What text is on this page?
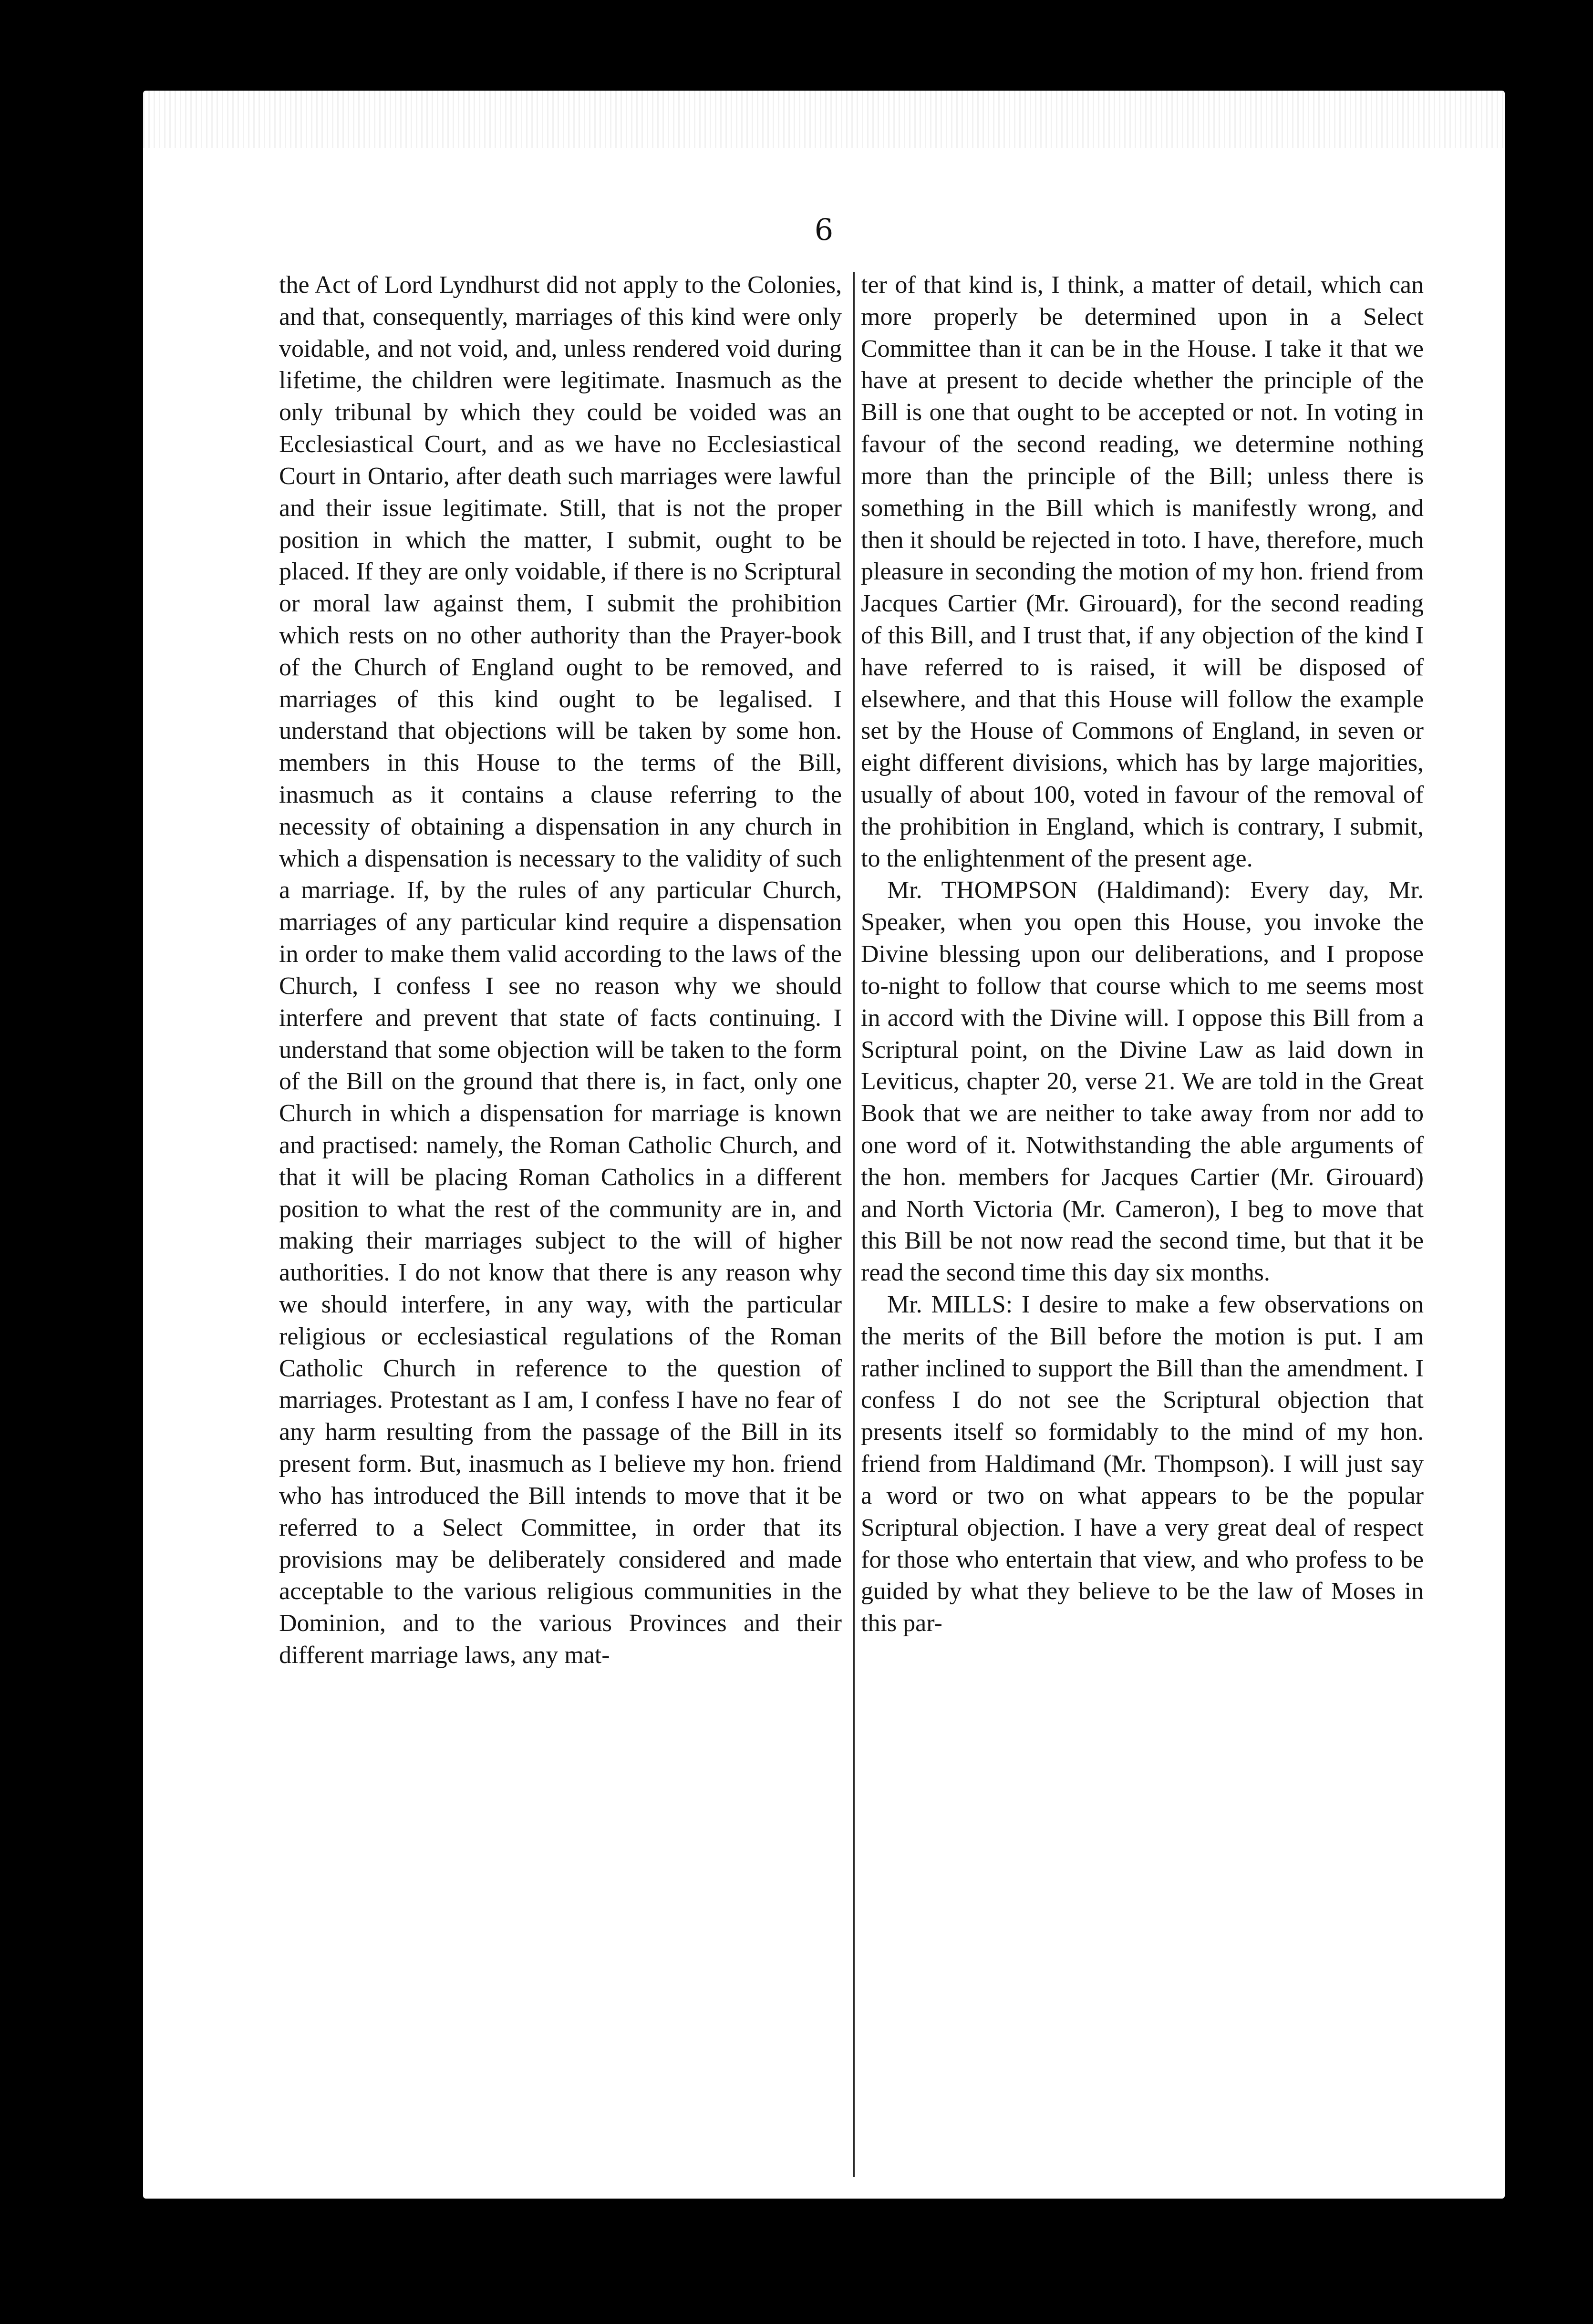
6

the Act of Lord Lyndhurst did not apply to the Colonies, and that, consequently, marriages of this kind were only voidable, and not void, and, unless rendered void during lifetime, the children were legitimate. Inasmuch as the only tribunal by which they could be voided was an Ecclesiastical Court, and as we have no Ecclesiastical Court in Ontario, after death such marriages were lawful and their issue legitimate. Still, that is not the proper position in which the matter, I submit, ought to be placed. If they are only voidable, if there is no Scriptural or moral law against them, I submit the prohibition which rests on no other authority than the Prayer-book of the Church of England ought to be removed, and marriages of this kind ought to be legalised. I understand that objections will be taken by some hon. members in this House to the terms of the Bill, inasmuch as it contains a clause referring to the necessity of obtaining a dispensation in any church in which a dispensation is necessary to the validity of such a marriage. If, by the rules of any particular Church, marriages of any particular kind require a dispensation in order to make them valid according to the laws of the Church, I confess I see no reason why we should interfere and prevent that state of facts continuing. I understand that some objection will be taken to the form of the Bill on the ground that there is, in fact, only one Church in which a dispensation for marriage is known and practised: namely, the Roman Catholic Church, and that it will be placing Roman Catholics in a different position to what the rest of the community are in, and making their marriages subject to the will of higher authorities. I do not know that there is any reason why we should interfere, in any way, with the particular religious or ecclesiastical regulations of the Roman Catholic Church in reference to the question of marriages. Protestant as I am, I confess I have no fear of any harm resulting from the passage of the Bill in its present form. But, inasmuch as I believe my hon. friend who has introduced the Bill intends to move that it be referred to a Select Committee, in order that its provisions may be deliberately considered and made acceptable to the various religious communities in the Dominion, and to the various Provinces and their different marriage laws, any mat-

ter of that kind is, I think, a matter of detail, which can more properly be determined upon in a Select Committee than it can be in the House. I take it that we have at present to decide whether the principle of the Bill is one that ought to be accepted or not. In voting in favour of the second reading, we determine nothing more than the principle of the Bill; unless there is something in the Bill which is manifestly wrong, and then it should be rejected in toto. I have, therefore, much pleasure in seconding the motion of my hon. friend from Jacques Cartier (Mr. Girouard), for the second reading of this Bill, and I trust that, if any objection of the kind I have referred to is raised, it will be disposed of elsewhere, and that this House will follow the example set by the House of Commons of England, in seven or eight different divisions, which has by large majorities, usually of about 100, voted in favour of the removal of the prohibition in England, which is contrary, I submit, to the enlightenment of the present age.

Mr. THOMPSON (Haldimand): Every day, Mr. Speaker, when you open this House, you invoke the Divine blessing upon our deliberations, and I propose to-night to follow that course which to me seems most in accord with the Divine will. I oppose this Bill from a Scriptural point, on the Divine Law as laid down in Leviticus, chapter 20, verse 21. We are told in the Great Book that we are neither to take away from nor add to one word of it. Notwithstanding the able arguments of the hon. members for Jacques Cartier (Mr. Girouard) and North Victoria (Mr. Cameron), I beg to move that this Bill be not now read the second time, but that it be read the second time this day six months.

Mr. MILLS: I desire to make a few observations on the merits of the Bill before the motion is put. I am rather inclined to support the Bill than the amendment. I confess I do not see the Scriptural objection that presents itself so formidably to the mind of my hon. friend from Haldimand (Mr. Thompson). I will just say a word or two on what appears to be the popular Scriptural objection. I have a very great deal of respect for those who entertain that view, and who profess to be guided by what they believe to be the law of Moses in this par-
